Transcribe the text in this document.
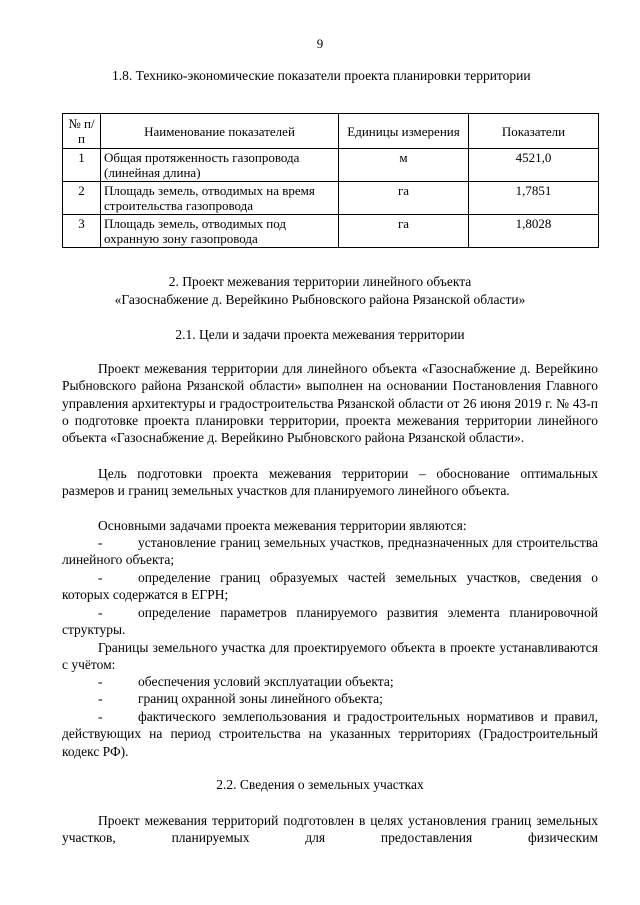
9
1.8. Технико-экономические показатели проекта планировки территории
№ п/п	Наименование показателей	Единицы измерения	Показатели
1	Общая протяженность газопровода (линейная длина)	м	4521,0
2	Площадь земель, отводимых на время строительства газопровода	га	1,7851
3	Площадь земель, отводимых под охранную зону газопровода	га	1,8028
2. Проект межевания территории линейного объекта
«Газоснабжение д. Верейкино Рыбновского района Рязанской области»
2.1. Цели и задачи проекта межевания территории
Проект межевания территории для линейного объекта «Газоснабжение д. Верейкино Рыбновского района Рязанской области» выполнен на основании Постановления Главного управления архитектуры и градостроительства Рязанской области от 26 июня 2019 г. № 43-п о подготовке проекта планировки территории, проекта межевания территории линейного объекта «Газоснабжение д. Верейкино Рыбновского района Рязанской области».
Цель подготовки проекта межевания территории – обоснование оптимальных размеров и границ земельных участков для планируемого линейного объекта.
Основными задачами проекта межевания территории являются:
-	установление границ земельных участков, предназначенных для строительства линейного объекта;
-	определение границ образуемых частей земельных участков, сведения о которых содержатся в ЕГРН;
-	определение параметров планируемого развития элемента планировочной структуры.
Границы земельного участка для проектируемого объекта в проекте устанавливаются с учётом:
-	обеспечения условий эксплуатации объекта;
-	границ охранной зоны линейного объекта;
-	фактического землепользования и градостроительных нормативов и правил, действующих на период строительства на указанных территориях (Градостроительный кодекс РФ).
2.2. Сведения о земельных участках
Проект межевания территорий подготовлен в целях установления границ земельных участков, планируемых для предоставления физическим
